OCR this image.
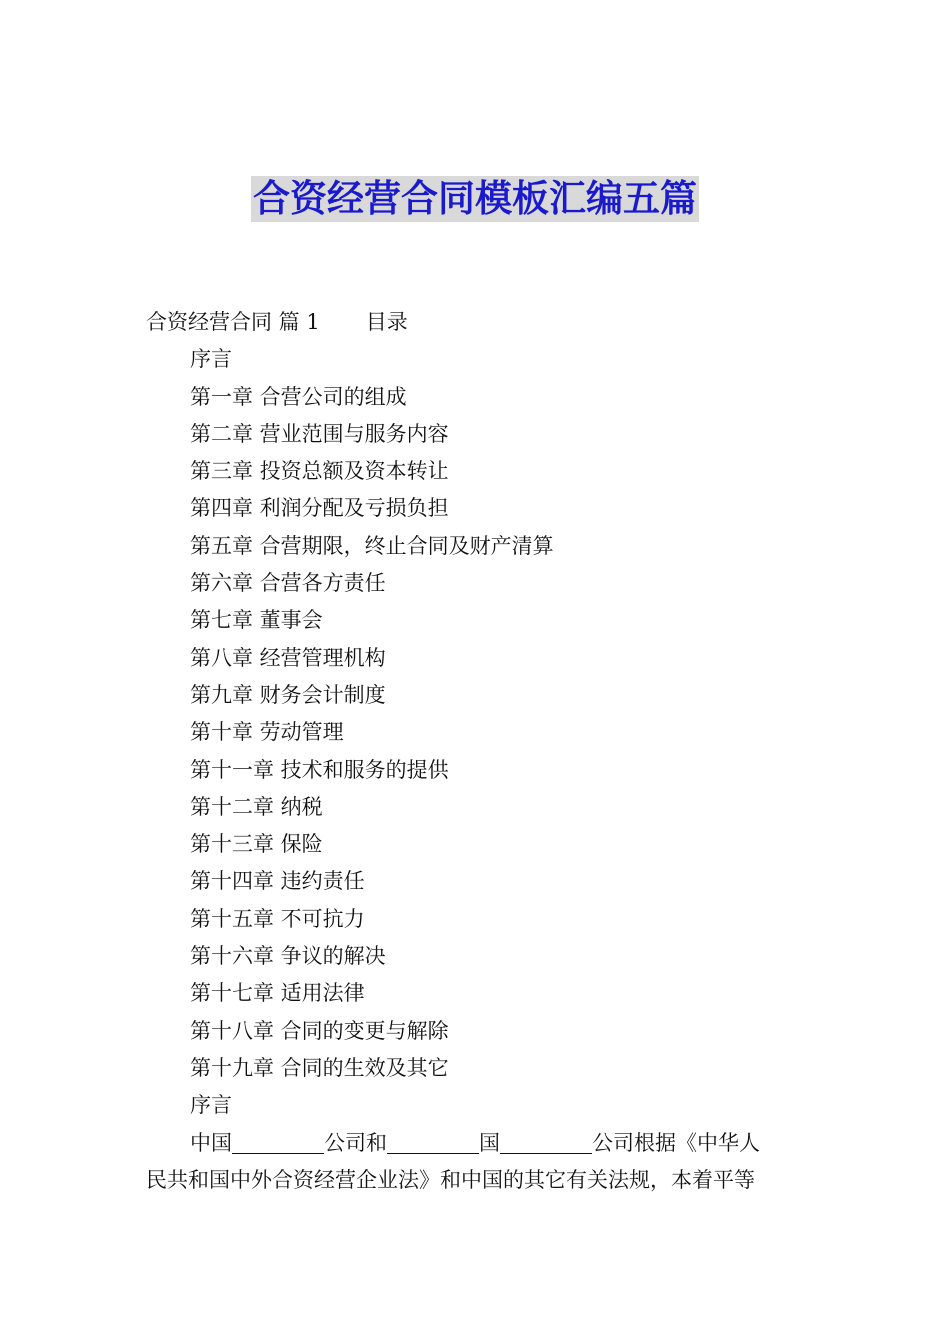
合资经营合同模板汇编五篇
合资经营合同 篇 1 目录
序言
第一章 合营公司的组成
第二章 营业范围与服务内容
第三章 投资总额及资本转让
第四章 利润分配及亏损负担
第五章 合营期限，终止合同及财产清算
第六章 合营各方责任
第七章 董事会
第八章 经营管理机构
第九章 财务会计制度
第十章 劳动管理
第十一章 技术和服务的提供
第十二章 纳税
第十三章 保险
第十四章 违约责任
第十五章 不可抗力
第十六章 争议的解决
第十七章 适用法律
第十八章 合同的变更与解除
第十九章 合同的生效及其它
序言
中国	公司和	国	公司根据《中华人
民共和国中外合资经营企业法》和中国的其它有关法规，本着平等
